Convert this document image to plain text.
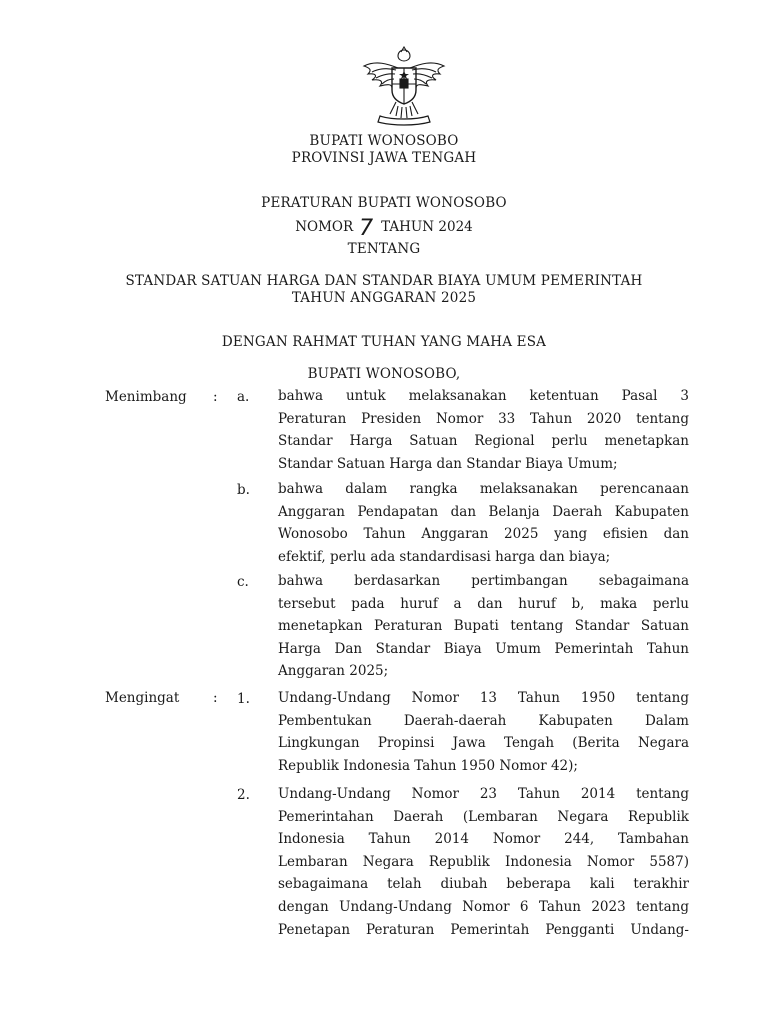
BUPATI WONOSOBO
PROVINSI JAWA TENGAH
PERATURAN BUPATI WONOSOBO
NOMOR 7 TAHUN 2024
TENTANG
STANDAR SATUAN HARGA DAN STANDAR BIAYA UMUM PEMERINTAH
TAHUN ANGGARAN 2025
DENGAN RAHMAT TUHAN YANG MAHA ESA
BUPATI WONOSOBO,
Menimbang : a.	bahwa untuk melaksanakan ketentuan Pasal 3
Peraturan Presiden Nomor 33 Tahun 2020 tentang
Standar Harga Satuan Regional perlu menetapkan
Standar Satuan Harga dan Standar Biaya Umum;
b.	bahwa dalam rangka melaksanakan perencanaan
Anggaran Pendapatan dan Belanja Daerah Kabupaten
Wonosobo Tahun Anggaran 2025 yang efisien dan
efektif, perlu ada standardisasi harga dan biaya;
c.	bahwa berdasarkan pertimbangan sebagaimana
tersebut pada huruf a dan huruf b, maka perlu
menetapkan Peraturan Bupati tentang Standar Satuan
Harga Dan Standar Biaya Umum Pemerintah Tahun
Anggaran 2025;
Mengingat : 1.	Undang-Undang Nomor 13 Tahun 1950 tentang
Pembentukan Daerah-daerah Kabupaten Dalam
Lingkungan Propinsi Jawa Tengah (Berita Negara
Republik Indonesia Tahun 1950 Nomor 42);
2.	Undang-Undang Nomor 23 Tahun 2014 tentang
Pemerintahan Daerah (Lembaran Negara Republik
Indonesia Tahun 2014 Nomor 244, Tambahan
Lembaran Negara Republik Indonesia Nomor 5587)
sebagaimana telah diubah beberapa kali terakhir
dengan Undang-Undang Nomor 6 Tahun 2023 tentang
Penetapan Peraturan Pemerintah Pengganti Undang-
